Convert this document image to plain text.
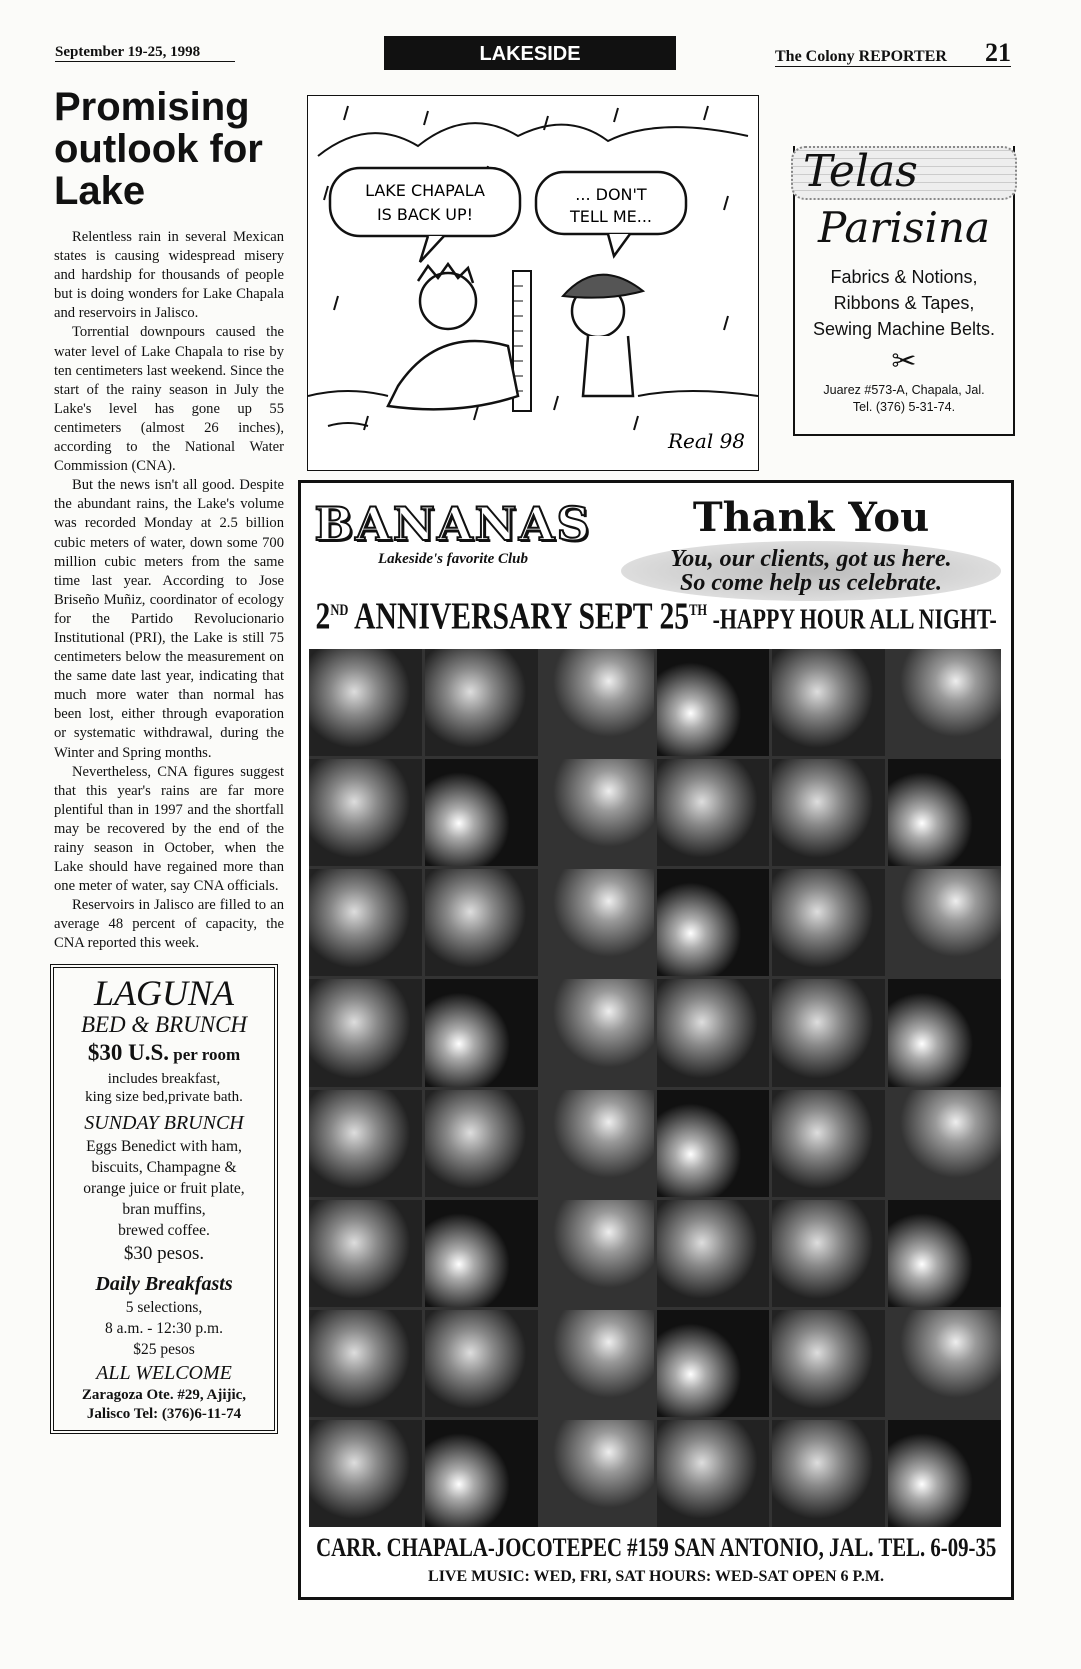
September 19-25, 1998	LAKESIDE	The Colony REPORTER 21
Promising outlook for Lake

Relentless rain in several Mexican states is causing widespread misery and hardship for thousands of people but is doing wonders for Lake Chapala and reservoirs in Jalisco.

Torrential downpours caused the water level of Lake Chapala to rise by ten centimeters last weekend. Since the start of the rainy season in July the Lake's level has gone up 55 centimeters (almost 26 inches), according to the National Water Commission (CNA).

But the news isn't all good. Despite the abundant rains, the Lake's volume was recorded Monday at 2.5 billion cubic meters of water, down some 700 million cubic meters from the same time last year. According to Jose Briseño Muñiz, coordinator of ecology for the Partido Revolucionario Institutional (PRI), the Lake is still 75 centimeters below the measurement on the same date last year, indicating that much more water than normal has been lost, either through evaporation or systematic withdrawal, during the Winter and Spring months.

Nevertheless, CNA figures suggest that this year's rains are far more plentiful than in 1997 and the shortfall may be recovered by the end of the rainy season in October, when the Lake should have regained more than one meter of water, say CNA officials.

Reservoirs in Jalisco are filled to an average 48 percent of capacity, the CNA reported this week.

LAGUNA
BED & BRUNCH
$30 U.S. per room
includes breakfast,
king size bed,private bath.
SUNDAY BRUNCH
Eggs Benedict with ham,
biscuits, Champagne &
orange juice or fruit plate,
bran muffins,
brewed coffee.
$30 pesos.
Daily Breakfasts
5 selections,
8 a.m. - 12:30 p.m.
$25 pesos
ALL WELCOME
Zaragoza Ote. #29, Ajijic,
Jalisco Tel: (376)6-11-74
LAKE CHAPALA
IS BACK UP!
... DON'T
TELL ME...
Real 98
Telas
Parisina
Fabrics & Notions,
Ribbons & Tapes,
Sewing Machine Belts.
✂
Juarez #573-A, Chapala, Jal.
Tel. (376) 5-31-74.
BANANAS
Lakeside's favorite Club
Thank You
You, our clients, got us here.
So come help us celebrate.
2ND ANNIVERSARY SEPT 25TH -HAPPY HOUR ALL NIGHT-
CARR. CHAPALA-JOCOTEPEC #159 SAN ANTONIO, JAL. TEL. 6-09-35
LIVE MUSIC: WED, FRI, SAT HOURS: WED-SAT OPEN 6 P.M.
